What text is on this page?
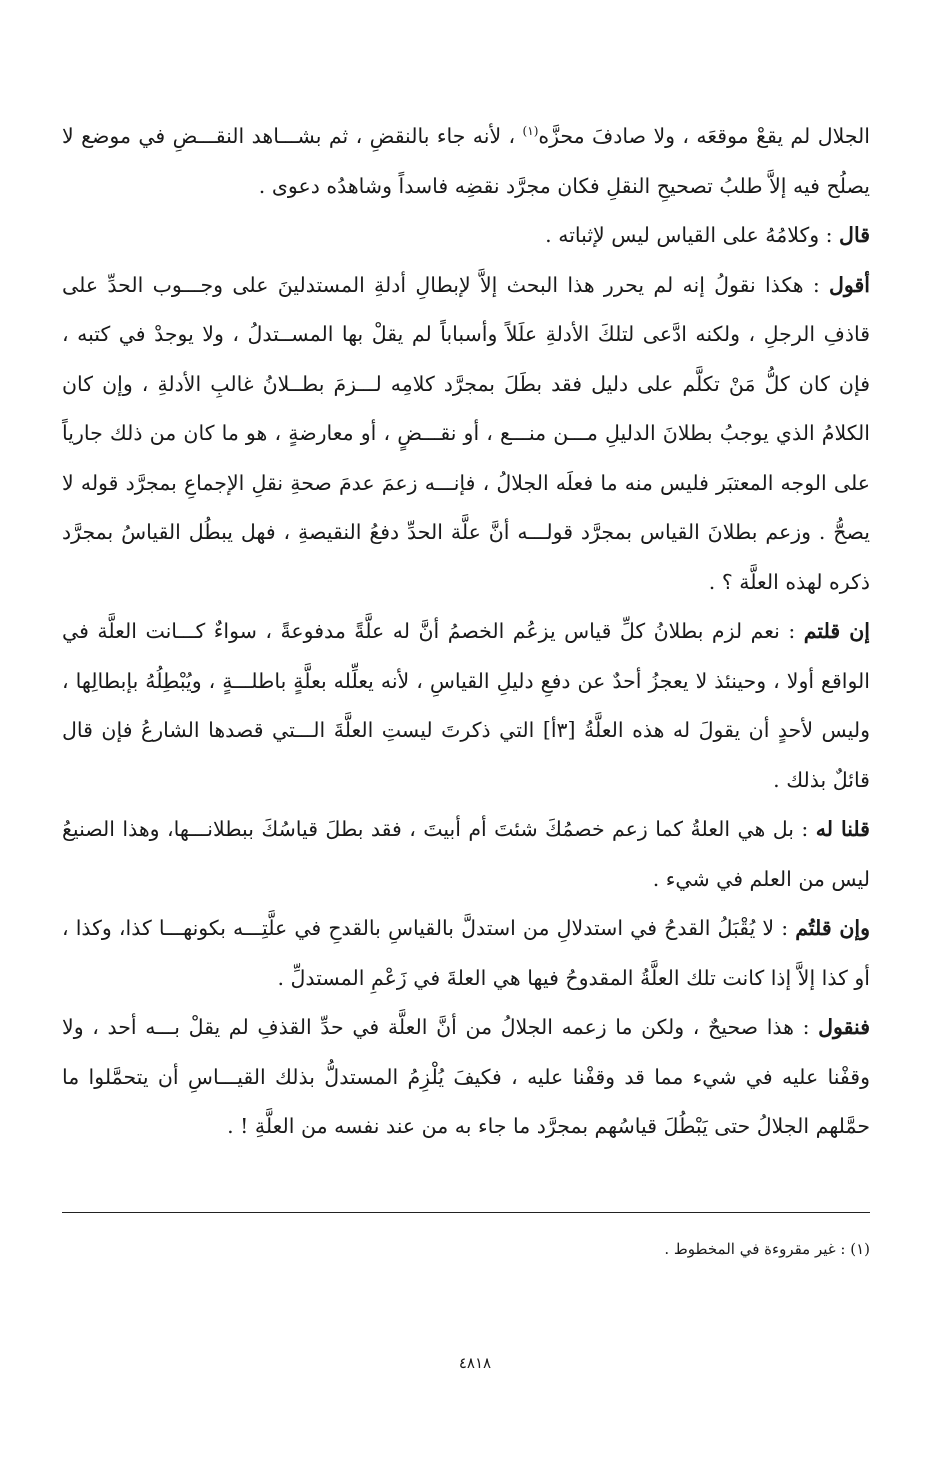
الجلال لم يقعْ موقعَه ، ولا صادفَ محزَّه$^{(١)}$ ، لأنه جاء بالنقضِ ، ثم بشـــاهد النقـــضِ في موضع لا يصلُح فيه إلاَّ طلبُ تصحيحِ النقلِ فكان مجرَّد نقضِه فاسداً وشاهدُه دعوى .

قال : وكلامُهُ على القياس ليس لإثباته .

أقول : هكذا نقولُ إنه لم يحرر هذا البحث إلاَّ لإبطالِ أدلةِ المستدلينَ على وجـــوب الحدِّ على قاذفِ الرجلِ ، ولكنه ادَّعى لتلكَ الأدلةِ علَلاً وأسباباً لم يقلْ بها المســتدلُ ، ولا يوجدْ في كتبه ، فإن كان كلُّ مَنْ تكلَّم على دليل فقد بطَلَ بمجرَّد كلامِه لـــزمَ بطــلانُ غالبِ الأدلةِ ، وإن كان الكلامُ الذي يوجبُ بطلانَ الدليلِ مـــن منـــع ، أو نقـــضٍ ، أو معارضةٍ ، هو ما كان من ذلك جارياً على الوجه المعتبَر فليس منه ما فعلَه الجلالُ ، فإنـــه زعمَ عدمَ صحةِ نقلِ الإجماعِ بمجرَّد قوله لا يصحُّ . وزعم بطلانَ القياس بمجرَّد قولـــه أنَّ علَّة الحدِّ دفعُ النقيصةِ ، فهل يبطُل القياسُ بمجرَّد ذكره لهذه العلَّة ؟ .

إن قلتم : نعم لزم بطلانُ كلِّ قياس يزعُم الخصمُ أنَّ له علَّةً مدفوعةً ، سواءٌ كـــانت العلَّة في الواقع أولا ، وحينئذ لا يعجزُ أحدٌ عن دفعِ دليلِ القياسِ ، لأنه يعلِّله بعلَّةٍ باطلـــةٍ ، ويُبْطِلُهُ بإبطالِها ، وليس لأحدٍ أن يقولَ له هذه العلَّةُ [٣أ] التي ذكرتَ ليستِ العلَّةَ الـــتي قصدها الشارعُ فإن قال قائلٌ بذلك .

قلنا له : بل هي العلةُ كما زعم خصمُكَ شئتَ أم أبيتَ ، فقد بطلَ قياسُكَ ببطلانـــها، وهذا الصنيعُ ليس من العلم في شيء .

وإن قلتُم : لا يُقْبَلُ القدحُ في استدلالِ من استدلَّ بالقياسِ بالقدحِ في علَّتِـــه بكونهـــا كذا، وكذا ، أو كذا إلاَّ إذا كانت تلك العلَّةُ المقدوحُ فيها هي العلةَ في زَعْمِ المستدلِّ .

فنقول : هذا صحيحٌ ، ولكن ما زعمه الجلالُ من أنَّ العلَّة في حدِّ القذفِ لم يقلْ بـــه أحد ، ولا وقفْنا عليه في شيء مما قد وقفْنا عليه ، فكيفَ يُلْزِمُ المستدلُّ بذلك القيـــاسِ أن يتحمَّلوا ما حمَّلهم الجلالُ حتى يَبْطُلَ قياسُهم بمجرَّد ما جاء به من عند نفسه من العلَّةِ ! .

(١) : غير مقروءة في المخطوط .
٤٨١٨
